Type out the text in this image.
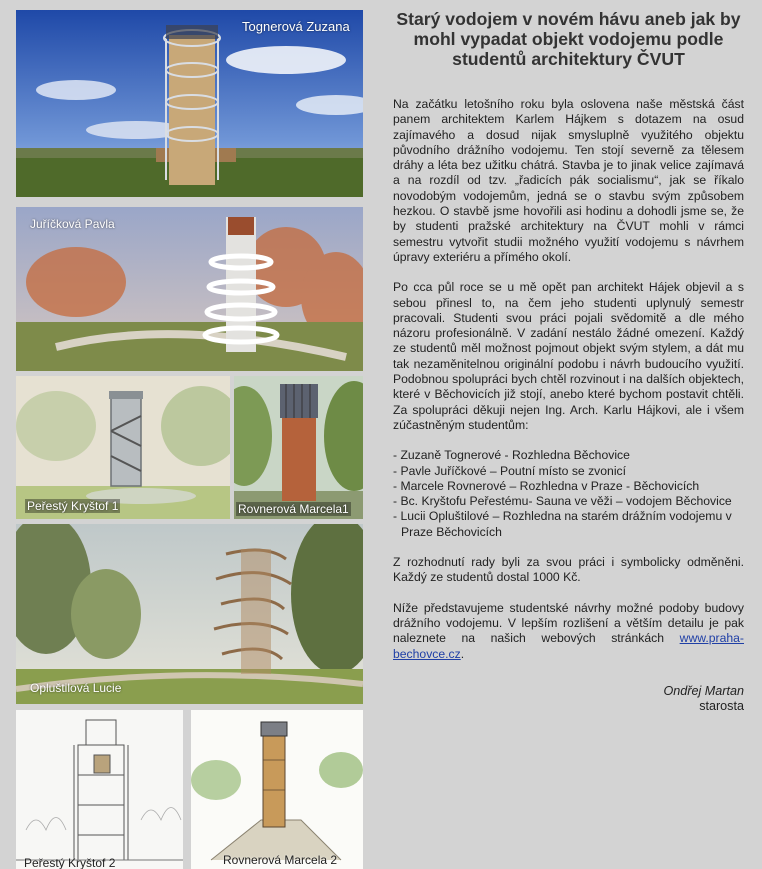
Tognerová Zuzana
Juříčková Pavla
Peřestý Kryštof 1	Rovnerová Marcela1
Opluštilová Lucie
Peřestý Kryštof 2	Rovnerová Marcela 2
Starý vodojem v novém hávu aneb jak by mohl vypadat objekt vodojemu podle studentů architektury ČVUT

Na začátku letošního roku byla oslovena naše městská část panem architektem Karlem Hájkem s dotazem na osud zajímavého a dosud nijak smysluplně využitého objektu původního drážního vodojemu. Ten stojí severně za tělesem dráhy a léta bez užitku chátrá. Stavba je to jinak velice zajímavá a na rozdíl od tzv. „řadicích pák socialismu“, jak se říkalo novodobým vodojemům, jedná se o stavbu svým způsobem hezkou. O stavbě jsme hovořili asi hodinu a dohodli jsme se, že by studenti pražské architektury na ČVUT mohli v rámci semestru vytvořit studii možného využití vodojemu s návrhem úpravy exteriéru a přímého okolí.

Po cca půl roce se u mě opět pan architekt Hájek objevil a s sebou přinesl to, na čem jeho studenti uplynulý semestr pracovali. Studenti svou práci pojali svědomitě a dle mého názoru profesionálně. V zadání nestálo žádné omezení. Každý ze studentů měl možnost pojmout objekt svým stylem, a dát mu tak nezaměnitelnou originální podobu i návrh budoucího využití. Podobnou spolupráci bych chtěl rozvinout i na dalších objektech, které v Běchovicích již stojí, anebo které bychom postavit chtěli. Za spolupráci děkuji nejen Ing. Arch. Karlu Hájkovi, ale i všem zúčastněným studentům:

- Zuzaně Tognerové - Rozhledna Běchovice
- Pavle Juříčkové – Poutní místo se zvonicí
- Marcele Rovnerové – Rozhledna v Praze - Běchovicích
- Bc. Kryštofu Peřestému- Sauna ve věži – vodojem Běchovice
- Lucii Opluštilové – Rozhledna na starém drážním vodojemu v Praze Běchovicích

Z rozhodnutí rady byli za svou práci i symbolicky odměněni. Každý ze studentů dostal 1000 Kč.

Níže představujeme studentské návrhy možné podoby budovy drážního vodojemu. V lepším rozlišení a větším detailu je pak naleznete na našich webových stránkách www.praha-bechovce.cz.

Ondřej Martan
starosta
